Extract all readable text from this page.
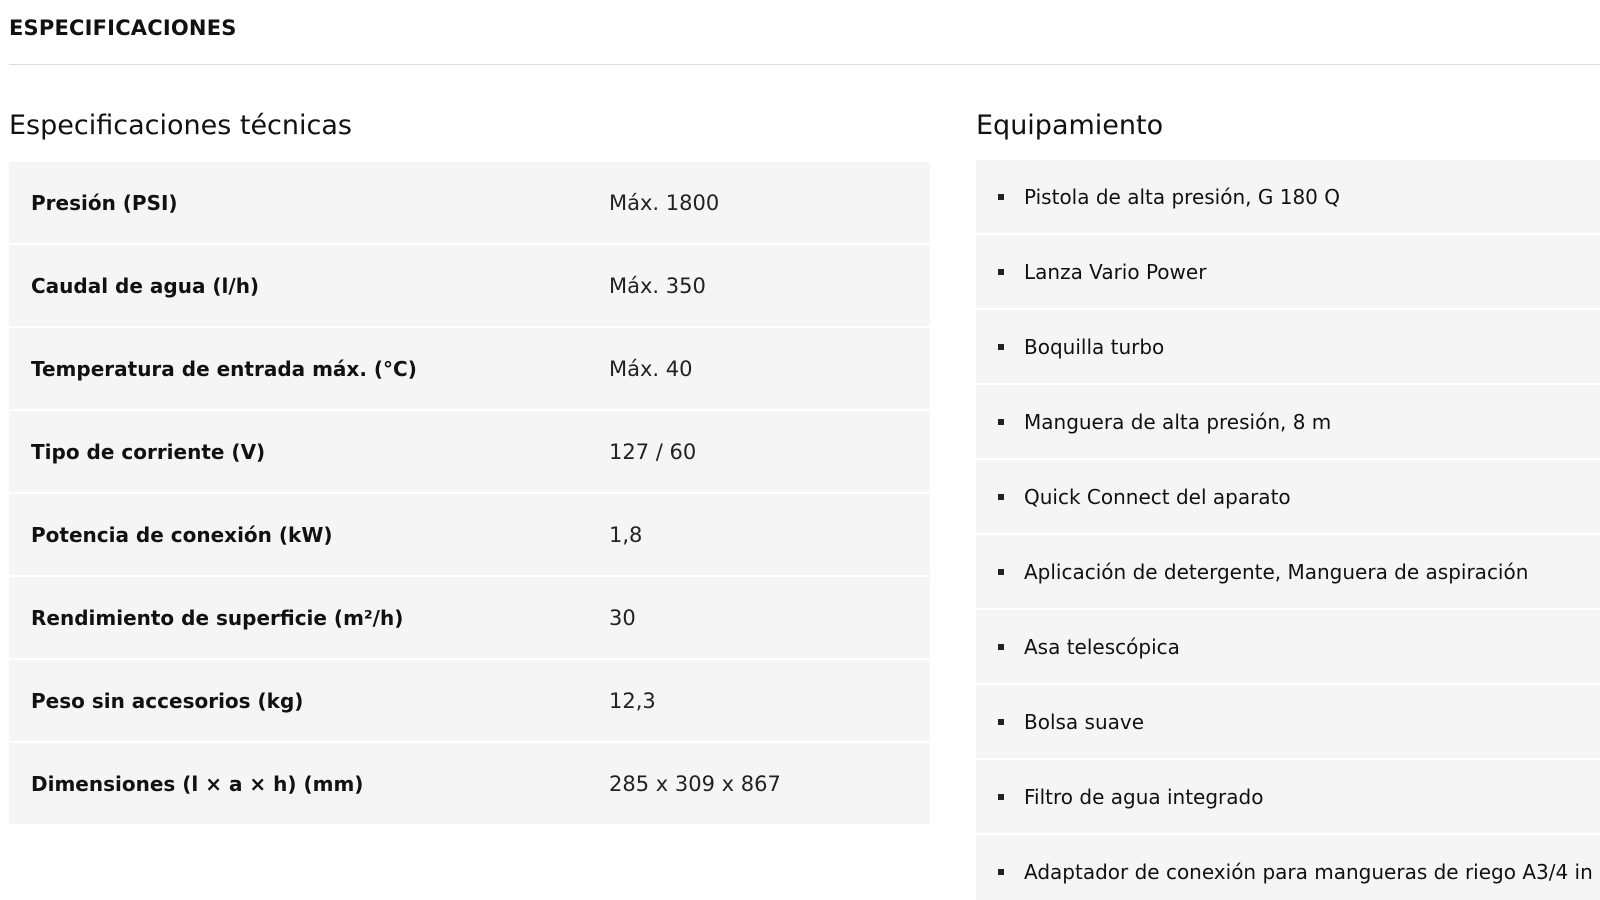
ESPECIFICACIONES
Especificaciones técnicas	Equipamiento
Presión (PSI)	Máx. 1800
Caudal de agua (l/h)	Máx. 350
Temperatura de entrada máx. (°C)	Máx. 40
Tipo de corriente (V)	127 / 60
Potencia de conexión (kW)	1,8
Rendimiento de superficie (m²/h)	30
Peso sin accesorios (kg)	12,3
Dimensiones (l × a × h) (mm)	285 x 309 x 867
Pistola de alta presión, G 180 Q
Lanza Vario Power
Boquilla turbo
Manguera de alta presión, 8 m
Quick Connect del aparato
Aplicación de detergente, Manguera de aspiración
Asa telescópica
Bolsa suave
Filtro de agua integrado
Adaptador de conexión para mangueras de riego A3/4 in
